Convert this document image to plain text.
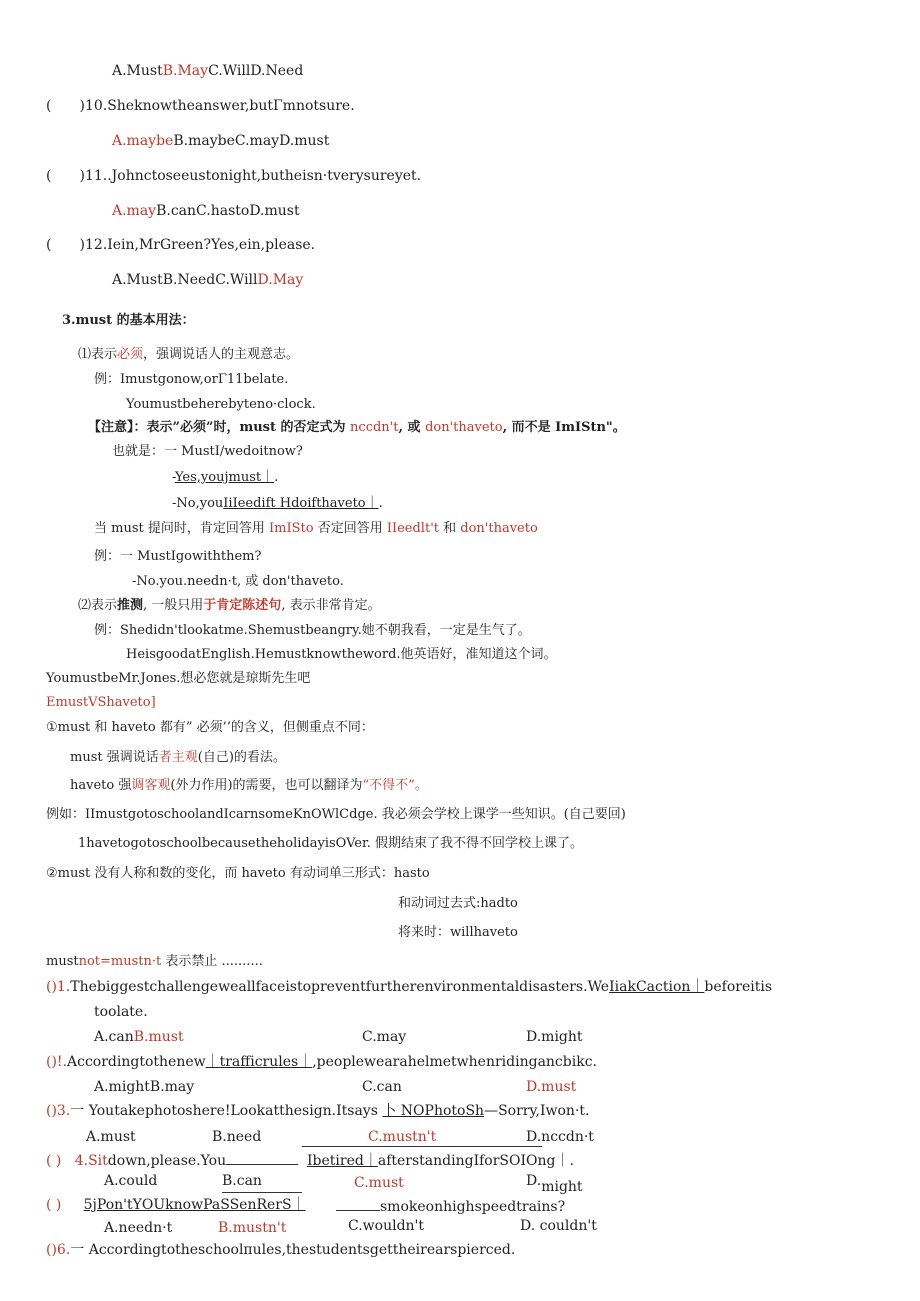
A.MustB.MayC.WillD.Need
( )10.Sheknowtheanswer,butΓmnotsure.
A.maybeB.maybeC.mayD.must
( )11..Johnctoseeustonight,butheisn·tverysureyet.
A.mayB.canC.hastoD.must
( )12.Iein,MrGreen?Yes,ein,please.
A.MustB.NeedC.WillD.May
3.must 的基本用法：
⑴表示必须，强调说话人的主观意志。
例：Imustgonow,orΓ11belate.
Youmustbeherebyteno·clock.
【注意】：表示”必须”时，must 的否定式为 nccdn't, 或 don'thaveto, 而不是 ImIStn"。
也就是：一 MustI/wedoitnow?
-Yes,youjmust｜.
-No,youIiIeedift Hdoifthaveto｜.
当 must 提问时，肯定回答用 ImISto 否定回答用 IIeedlt't 和 don'thaveto
例：一 MustIgowiththem?
-No.you.needn·t, 或 don'thaveto.
⑵表示推测, 一般只用于肯定陈述句, 表示非常肯定。
例：Shedidn'tlookatme.Shemustbeangry.她不朝我看，一定是生气了。
HeisgoodatEnglish.Hemustknowtheword.他英语好，准知道这个词。
YoumustbeMr.Jones.想必您就是琼斯先生吧
EmustVShaveto]
①must 和 haveto 都有” 必须’’的含义，但侧重点不同：
must 强调说话者主观(自己)的看法。
haveto 强调客观(外力作用)的需要，也可以翻译为“不得不”。
例如：IImustgotoschoolandIcarnsomeKnOWlCdge. 我必须会学校上课学一些知识。(自己要回)
1havetogotoschoolbecausetheholidayisOVer. 假期结束了我不得不回学校上课了。
②must 没有人称和数的变化，而 haveto 有动词单三形式：hasto
和动词过去式:hadto
将来时：willhaveto
mustnot=mustn·t 表示禁止 ..........
()1.Thebiggestchallengeweallfaceistopreventfurtherenvironmentaldisasters.WeIiakCaction｜beforeitis
toolate.
A.canB.must	C.may	D.might
()!.Accordingtothenew｜trafficrules｜,peoplewearahelmetwhenridingancbikc.
A.mightB.may	C.can	D.must
()3.一 Youtakephotoshere!Lookatthesign.Itsays 卜 NOPhotoSh—Sorry,Iwon·t.
A.must	B.need	C.mustn't	D.nccdn·t
( ) 4.Sitdown,please.You	Ibetired｜afterstandingIforSOIOng｜.
A.could	B.can	C.must	D.might
( ) 5jPon'tYOUknowPaSSenRerS｜	smokeonhighspeedtrains?
A.needn·t	B.mustn't	C.wouldn't	D. couldn't
()6.一 Accordingtotheschoolπules,thestudentsgettheirearspierced.
